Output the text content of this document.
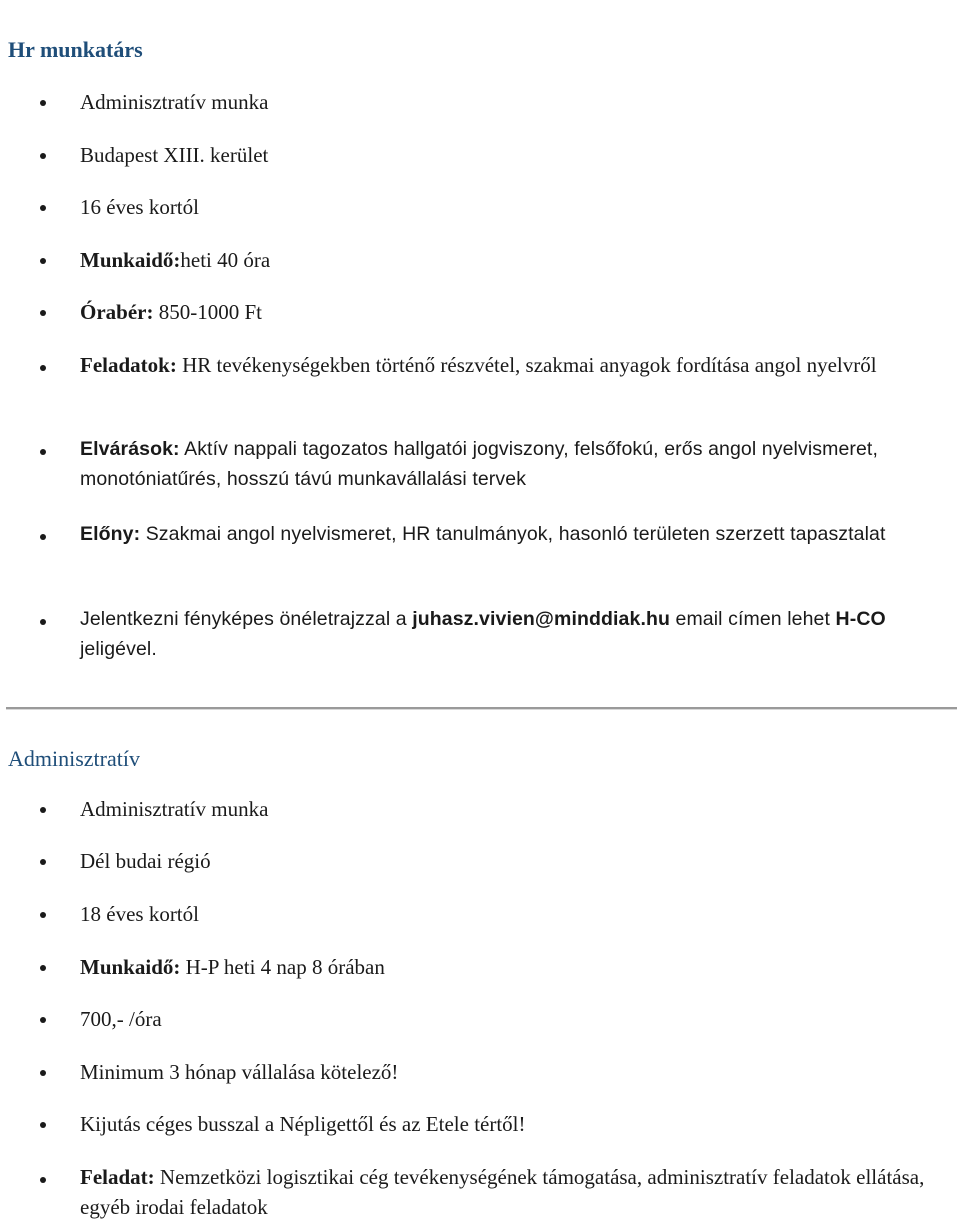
Hr munkatárs
Adminisztratív munka
Budapest XIII. kerület
16 éves kortól
Munkaidő:heti 40 óra
Órabér: 850-1000 Ft
Feladatok: HR tevékenységekben történő részvétel, szakmai anyagok fordítása angol nyelvről
Elvárások: Aktív nappali tagozatos hallgatói jogviszony, felsőfokú, erős angol nyelvismeret, monotóniatűrés, hosszú távú munkavállalási tervek
Előny: Szakmai angol nyelvismeret, HR tanulmányok, hasonló területen szerzett tapasztalat
Jelentkezni fényképes önéletrajzzal a juhasz.vivien@minddiak.hu email címen lehet H-CO jeligével.
Adminisztratív
Adminisztratív munka
Dél budai régió
18 éves kortól
Munkaidő: H-P heti 4 nap 8 órában
700,- /óra
Minimum 3 hónap vállalása kötelező!
Kijutás céges busszal a Népligettől és az Etele tértől!
Feladat: Nemzetközi logisztikai cég tevékenységének támogatása, adminisztratív feladatok ellátása, egyéb irodai feladatok
